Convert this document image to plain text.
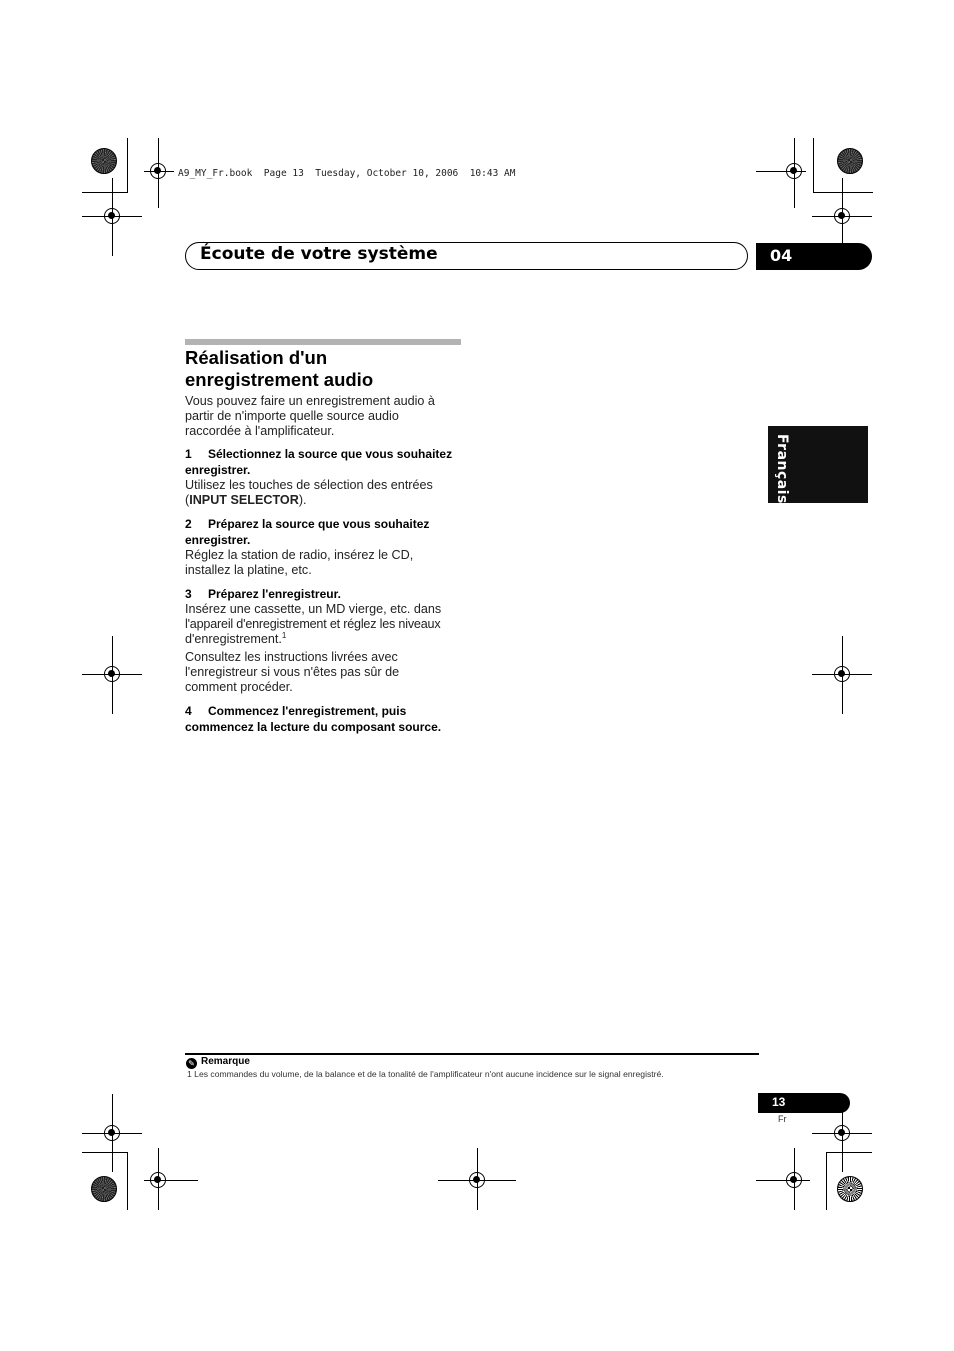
A9_MY_Fr.book  Page 13  Tuesday, October 10, 2006  10:43 AM
Écoute de votre système	04
Français
Réalisation d'un enregistrement audio
Vous pouvez faire un enregistrement audio à
partir de n'importe quelle source audio
raccordée à l'amplificateur.
1 Sélectionnez la source que vous souhaitez
enregistrer.
Utilisez les touches de sélection des entrées
(INPUT SELECTOR).
2 Préparez la source que vous souhaitez
enregistrer.
Réglez la station de radio, insérez le CD,
installez la platine, etc.
3 Préparez l'enregistreur.
Insérez une cassette, un MD vierge, etc. dans
l'appareil d'enregistrement et réglez les niveaux
d'enregistrement.$^1$
Consultez les instructions livrées avec
l'enregistreur si vous n'êtes pas sûr de
comment procéder.
4 Commencez l'enregistrement, puis
commencez la lecture du composant source.
✎ Remarque
1 Les commandes du volume, de la balance et de la tonalité de l'amplificateur n'ont aucune incidence sur le signal enregistré.
13
Fr
